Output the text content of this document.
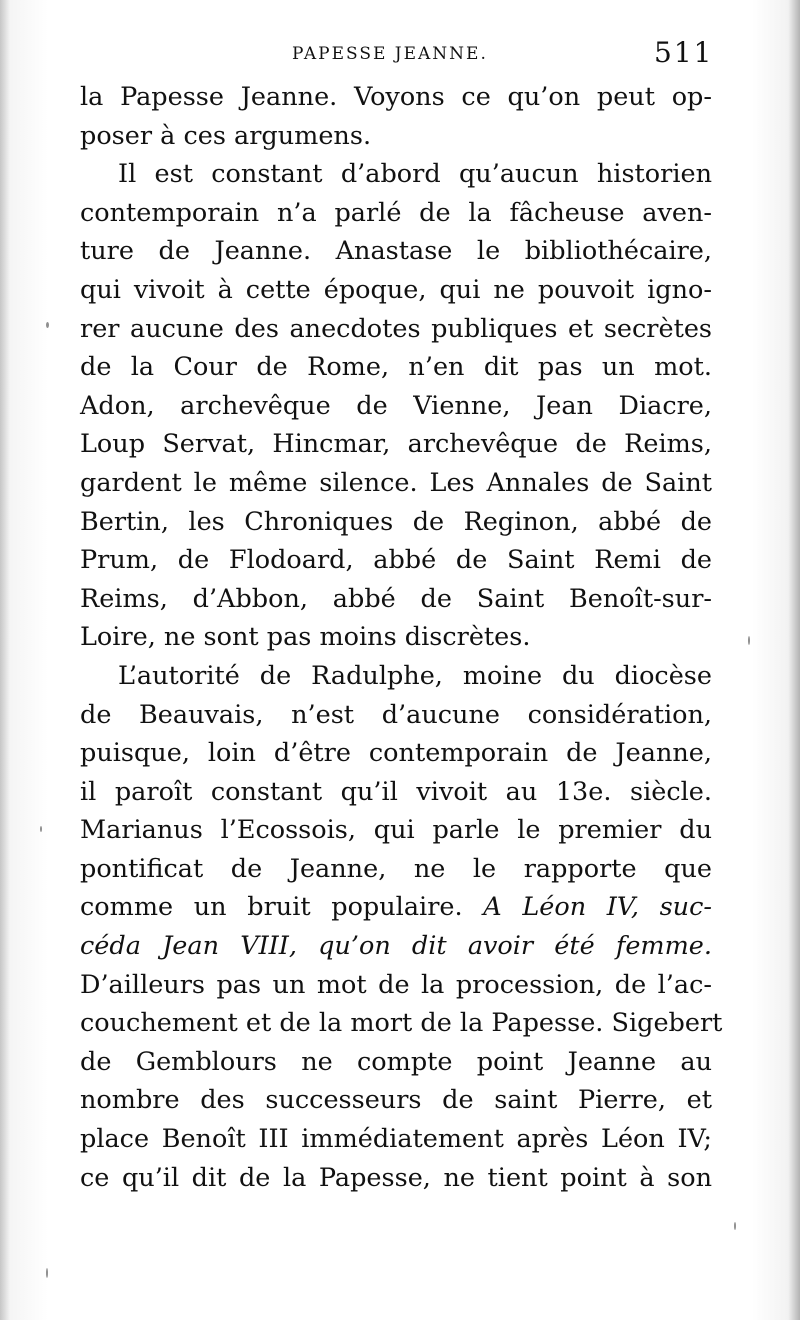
PAPESSE JEANNE.	511
la Papesse Jeanne. Voyons ce qu’on peut op-
poser à ces argumens.
Il est constant d’abord qu’aucun historien
contemporain n’a parlé de la fâcheuse aven-
ture de Jeanne. Anastase le bibliothécaire,
qui vivoit à cette époque, qui ne pouvoit igno-
rer aucune des anecdotes publiques et secrètes
de la Cour de Rome, n’en dit pas un mot.
Adon, archevêque de Vienne, Jean Diacre,
Loup Servat, Hincmar, archevêque de Reims,
gardent le même silence. Les Annales de Saint
Bertin, les Chroniques de Reginon, abbé de
Prum, de Flodoard, abbé de Saint Remi de
Reims, d’Abbon, abbé de Saint Benoît-sur-
Loire, ne sont pas moins discrètes.
L’autorité de Radulphe, moine du diocèse
de Beauvais, n’est d’aucune considération,
puisque, loin d’être contemporain de Jeanne,
il paroît constant qu’il vivoit au 13e. siècle.
Marianus l’Ecossois, qui parle le premier du
pontificat de Jeanne, ne le rapporte que
comme un bruit populaire. A Léon IV, suc-
céda Jean VIII, qu’on dit avoir été femme.
D’ailleurs pas un mot de la procession, de l’ac-
couchement et de la mort de la Papesse. Sigebert
de Gemblours ne compte point Jeanne au
nombre des successeurs de saint Pierre, et
place Benoît III immédiatement après Léon IV;
ce qu’il dit de la Papesse, ne tient point à son
